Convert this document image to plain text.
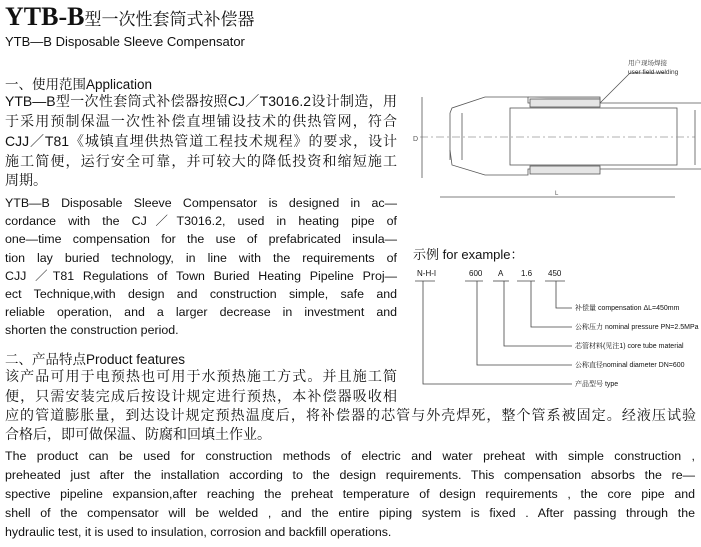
YTB-B型一次性套筒式补偿器
YTB—B Disposable Sleeve Compensator
一、使用范围Application
YTB—B型一次性套筒式补偿器按照CJ／T3016.2设计制造，用
于采用预制保温一次性补偿直埋铺设技术的供热管网，符合
CJJ／T81《城镇直埋供热管道工程技术规程》的要求，设计
施工简便，运行安全可靠，并可较大的降低投资和缩短施工
周期。
YTB—B Disposable Sleeve Compensator is designed in ac—
cordance with the CJ／T3016.2, used in heating pipe of
one—time compensation for the use of prefabricated insula—
tion lay buried technology, in line with the requirements of
CJJ ／T81 Regulations of Town Buried Heating Pipeline Proj—
ect Technique,with design and construction simple, safe and
reliable operation, and a larger decrease in investment and
shorten the construction period.
D
L
用户现场焊接
user field welding
示例 for example：
N-H-I	600 A 1.6 450
补偿量 compensation ΔL=450mm
公称压力 nominal pressure PN=2.5MPa
芯管材料(见注1) core tube material
公称直径nominal diameter DN=600
产品型号 type
二、产品特点Product features
该产品可用于电预热也可用于水预热施工方式。并且施工简
便，只需安装完成后按设计规定进行预热，本补偿器吸收相
应的管道膨胀量，到达设计规定预热温度后，将补偿器的芯管与外壳焊死，整个管系被固定。经液压试验
合格后，即可做保温、防腐和回填土作业。
The product can be used for construction methods of electric and water preheat with simple construction ,
preheated just after the installation according to the design requirements. This compensation absorbs the re—
spective pipeline expansion,after reaching the preheat temperature of design requirements , the core pipe and
shell of the compensator will be welded , and the entire piping system is fixed . After passing through the
hydraulic test, it is used to insulation, corrosion and backfill operations.
